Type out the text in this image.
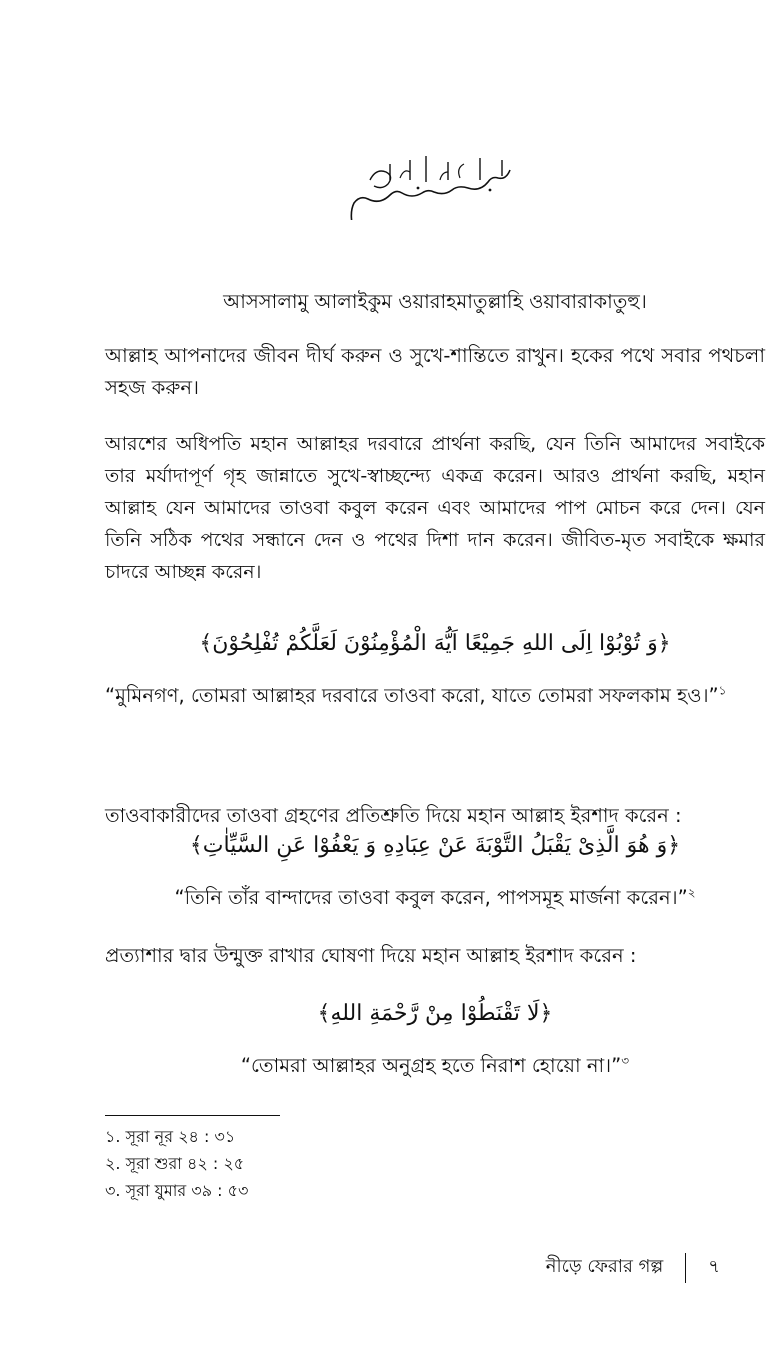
আসসালামু আলাইকুম ওয়ারাহমাতুল্লাহি ওয়াবারাকাতুহু।

আল্লাহ আপনাদের জীবন দীর্ঘ করুন ও সুখে-শান্তিতে রাখুন। হকের পথে সবার পথচলা সহজ করুন।

আরশের অধিপতি মহান আল্লাহর দরবারে প্রার্থনা করছি, যেন তিনি আমাদের সবাইকে তার মর্যাদাপূর্ণ গৃহ জান্নাতে সুখে-স্বাচ্ছন্দ্যে একত্র করেন। আরও প্রার্থনা করছি, মহান আল্লাহ যেন আমাদের তাওবা কবুল করেন এবং আমাদের পাপ মোচন করে দেন। যেন তিনি সঠিক পথের সন্ধানে দেন ও পথের দিশা দান করেন। জীবিত-মৃত সবাইকে ক্ষমার চাদরে আচ্ছন্ন করেন।

﴿وَ تُوْبُوْا اِلَى اللهِ جَمِيْعًا اَيُّهَ الْمُؤْمِنُوْنَ لَعَلَّكُمْ تُفْلِحُوْنَ﴾

“মুমিনগণ, তোমরা আল্লাহর দরবারে তাওবা করো, যাতে তোমরা সফলকাম হও।”$^১$

তাওবাকারীদের তাওবা গ্রহণের প্রতিশ্রুতি দিয়ে মহান আল্লাহ ইরশাদ করেন :

﴿وَ هُوَ الَّذِىْ يَقْبَلُ التَّوْبَةَ عَنْ عِبَادِهِ وَ يَعْفُوْا عَنِ السَّيِّاٰتِ﴾

“তিনি তাঁর বান্দাদের তাওবা কবুল করেন, পাপসমূহ মার্জনা করেন।”$^২$

প্রত্যাশার দ্বার উন্মুক্ত রাখার ঘোষণা দিয়ে মহান আল্লাহ ইরশাদ করেন :

﴿لَا تَقْنَطُوْا مِنْ رَّحْمَةِ اللهِ﴾

“তোমরা আল্লাহর অনুগ্রহ হতে নিরাশ হোয়ো না।”$^৩$

১. সূরা নূর ২৪ : ৩১
২. সূরা শুরা ৪২ : ২৫
৩. সূরা যুমার ৩৯ : ৫৩
নীড়ে ফেরার গল্প	৭
